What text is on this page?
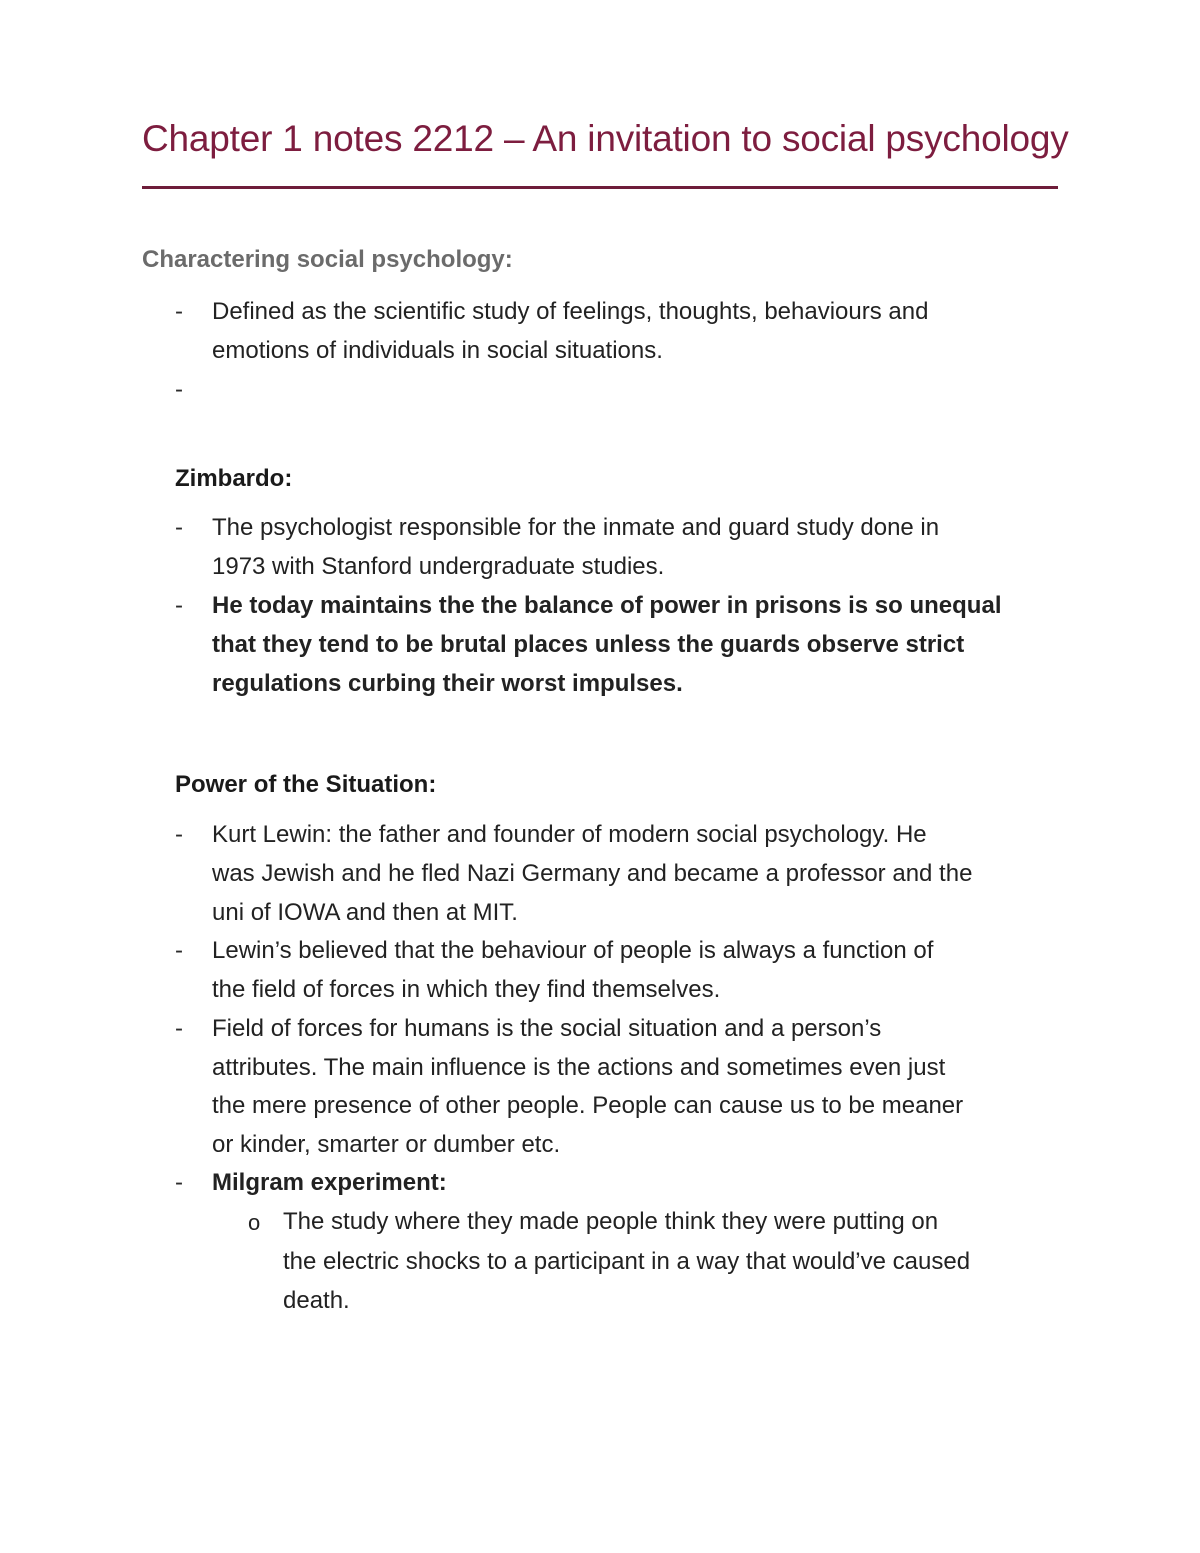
Chapter 1 notes 2212 – An invitation to social psychology
Charactering social psychology:
- Defined as the scientific study of feelings, thoughts, behaviours and
emotions of individuals in social situations.
-
Zimbardo:
- The psychologist responsible for the inmate and guard study done in
1973 with Stanford undergraduate studies.
- He today maintains the the balance of power in prisons is so unequal
that they tend to be brutal places unless the guards observe strict
regulations curbing their worst impulses.
Power of the Situation:
- Kurt Lewin: the father and founder of modern social psychology. He
was Jewish and he fled Nazi Germany and became a professor and the
uni of IOWA and then at MIT.
- Lewin’s believed that the behaviour of people is always a function of
the field of forces in which they find themselves.
- Field of forces for humans is the social situation and a person’s
attributes. The main influence is the actions and sometimes even just
the mere presence of other people. People can cause us to be meaner
or kinder, smarter or dumber etc.
- Milgram experiment:
o The study where they made people think they were putting on
the electric shocks to a participant in a way that would’ve caused
death.
